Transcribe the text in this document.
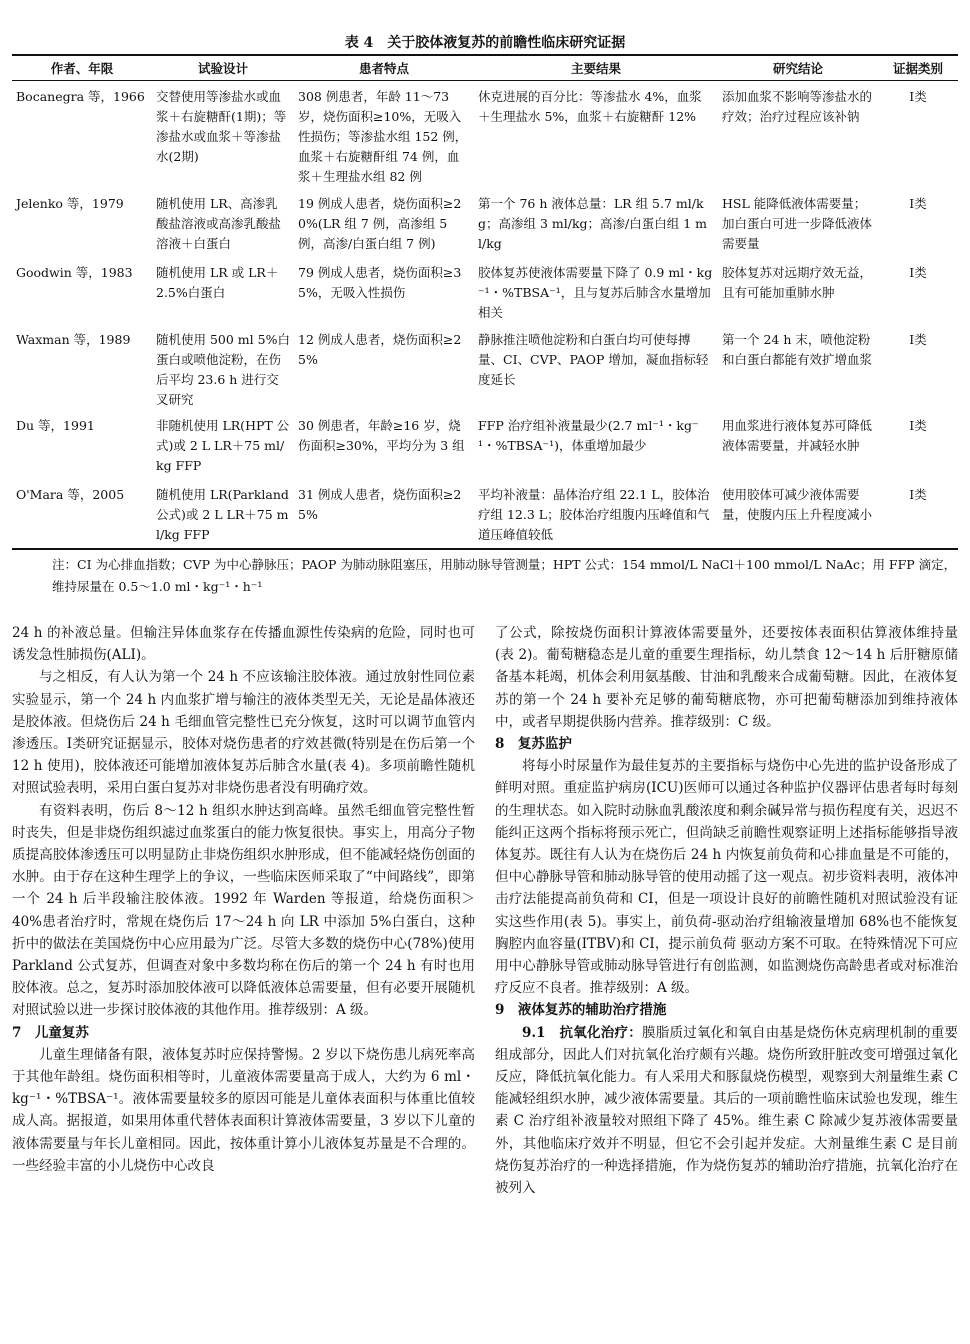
表 4　关于胶体液复苏的前瞻性临床研究证据
作者、年限	试验设计	患者特点	主要结果	研究结论	证据类别
Bocanegra 等，1966	交替使用等渗盐水或血浆＋右旋糖酐(1期)；等渗盐水或血浆＋等渗盐水(2期)	308 例患者，年龄 11～73 岁，烧伤面积≥10%，无吸入性损伤；等渗盐水组 152 例，血浆＋右旋糖酐组 74 例，血浆＋生理盐水组 82 例	休克进展的百分比：等渗盐水 4%，血浆＋生理盐水 5%，血浆＋右旋糖酐 12%	添加血浆不影响等渗盐水的疗效；治疗过程应该补钠	Ⅰ类
Jelenko 等，1979	随机使用 LR、高渗乳酸盐溶液或高渗乳酸盐溶液＋白蛋白	19 例成人患者，烧伤面积≥20%(LR 组 7 例，高渗组 5 例，高渗/白蛋白组 7 例)	第一个 76 h 液体总量：LR 组 5.7 ml/kg；高渗组 3 ml/kg；高渗/白蛋白组 1 ml/kg	HSL 能降低液体需要量；加白蛋白可进一步降低液体需要量	Ⅰ类
Goodwin 等，1983	随机使用 LR 或 LR＋2.5%白蛋白	79 例成人患者，烧伤面积≥35%，无吸入性损伤	胶体复苏使液体需要量下降了 0.9 ml・kg⁻¹・%TBSA⁻¹，且与复苏后肺含水量增加相关	胶体复苏对远期疗效无益，且有可能加重肺水肿	Ⅰ类
Waxman 等，1989	随机使用 500 ml 5%白蛋白或喷他淀粉，在伤后平均 23.6 h 进行交叉研究	12 例成人患者，烧伤面积≥25%	静脉推注喷他淀粉和白蛋白均可使每搏量、CI、CVP、PAOP 增加，凝血指标轻度延长	第一个 24 h 末，喷他淀粉和白蛋白都能有效扩增血浆	Ⅰ类
Du 等，1991	非随机使用 LR(HPT 公式)或 2 L LR＋75 ml/kg FFP	30 例患者，年龄≥16 岁，烧伤面积≥30%，平均分为 3 组	FFP 治疗组补液量最少(2.7 ml⁻¹・kg⁻¹・%TBSA⁻¹)，体重增加最少	用血浆进行液体复苏可降低液体需要量，并减轻水肿	Ⅰ类
O'Mara 等，2005	随机使用 LR(Parkland 公式)或 2 L LR＋75 ml/kg FFP	31 例成人患者，烧伤面积≥25%	平均补液量：晶体治疗组 22.1 L，胶体治疗组 12.3 L；胶体治疗组腹内压峰值和气道压峰值较低	使用胶体可减少液体需要量，使腹内压上升程度减小	Ⅰ类
注：CI 为心排血指数；CVP 为中心静脉压；PAOP 为肺动脉阻塞压，用肺动脉导管测量；HPT 公式：154 mmol/L NaCl＋100 mmol/L NaAc；用 FFP 滴定，维持尿量在 0.5～1.0 ml・kg⁻¹・h⁻¹

24 h 的补液总量。但输注异体血浆存在传播血源性传染病的危险，同时也可诱发急性肺损伤(ALI)。

与之相反，有人认为第一个 24 h 不应该输注胶体液。通过放射性同位素实验显示，第一个 24 h 内血浆扩增与输注的液体类型无关，无论是晶体液还是胶体液。但烧伤后 24 h 毛细血管完整性已充分恢复，这时可以调节血管内渗透压。Ⅰ类研究证据显示，胶体对烧伤患者的疗效甚微(特别是在伤后第一个 12 h 使用)，胶体液还可能增加液体复苏后肺含水量(表 4)。多项前瞻性随机对照试验表明，采用白蛋白复苏对非烧伤患者没有明确疗效。

有资料表明，伤后 8～12 h 组织水肿达到高峰。虽然毛细血管完整性暂时丧失，但是非烧伤组织滤过血浆蛋白的能力恢复很快。事实上，用高分子物质提高胶体渗透压可以明显防止非烧伤组织水肿形成，但不能减轻烧伤创面的水肿。由于存在这种生理学上的争议，一些临床医师采取了“中间路线”，即第一个 24 h 后半段输注胶体液。1992 年 Warden 等报道，给烧伤面积＞40%患者治疗时，常规在烧伤后 17～24 h 向 LR 中添加 5%白蛋白，这种折中的做法在美国烧伤中心应用最为广泛。尽管大多数的烧伤中心(78%)使用 Parkland 公式复苏，但调查对象中多数均称在伤后的第一个 24 h 有时也用胶体液。总之，复苏时添加胶体液可以降低液体总需要量，但有必要开展随机对照试验以进一步探讨胶体液的其他作用。推荐级别：A 级。

7　儿童复苏

儿童生理储备有限，液体复苏时应保持警惕。2 岁以下烧伤患儿病死率高于其他年龄组。烧伤面积相等时，儿童液体需要量高于成人，大约为 6 ml・kg⁻¹・%TBSA⁻¹。液体需要量较多的原因可能是儿童体表面积与体重比值较成人高。据报道，如果用体重代替体表面积计算液体需要量，3 岁以下儿童的液体需要量与年长儿童相同。因此，按体重计算小儿液体复苏量是不合理的。一些经验丰富的小儿烧伤中心改良

了公式，除按烧伤面积计算液体需要量外，还要按体表面积估算液体维持量(表 2)。葡萄糖稳态是儿童的重要生理指标，幼儿禁食 12～14 h 后肝糖原储备基本耗竭，机体会利用氨基酸、甘油和乳酸来合成葡萄糖。因此，在液体复苏的第一个 24 h 要补充足够的葡萄糖底物，亦可把葡萄糖添加到维持液体中，或者早期提供肠内营养。推荐级别：C 级。

8　复苏监护

将每小时尿量作为最佳复苏的主要指标与烧伤中心先进的监护设备形成了鲜明对照。重症监护病房(ICU)医师可以通过各种监护仪器评估患者每时每刻的生理状态。如入院时动脉血乳酸浓度和剩余碱异常与损伤程度有关，迟迟不能纠正这两个指标将预示死亡，但尚缺乏前瞻性观察证明上述指标能够指导液体复苏。既往有人认为在烧伤后 24 h 内恢复前负荷和心排血量是不可能的，但中心静脉导管和肺动脉导管的使用动摇了这一观点。初步资料表明，液体冲击疗法能提高前负荷和 CI，但是一项设计良好的前瞻性随机对照试验没有证实这些作用(表 5)。事实上，前负荷-驱动治疗组输液量增加 68%也不能恢复胸腔内血容量(ITBV)和 CI，提示前负荷 驱动方案不可取。在特殊情况下可应用中心静脉导管或肺动脉导管进行有创监测，如监测烧伤高龄患者或对标准治疗反应不良者。推荐级别：A 级。

9　液体复苏的辅助治疗措施

9.1　抗氧化治疗：膜脂质过氧化和氧自由基是烧伤休克病理机制的重要组成部分，因此人们对抗氧化治疗颇有兴趣。烧伤所致肝脏改变可增强过氧化反应，降低抗氧化能力。有人采用犬和豚鼠烧伤模型，观察到大剂量维生素 C 能减轻组织水肿，减少液体需要量。其后的一项前瞻性临床试验也发现，维生素 C 治疗组补液量较对照组下降了 45%。维生素 C 除减少复苏液体需要量外，其他临床疗效并不明显，但它不会引起并发症。大剂量维生素 C 是目前烧伤复苏治疗的一种选择措施，作为烧伤复苏的辅助治疗措施，抗氧化治疗在被列入
